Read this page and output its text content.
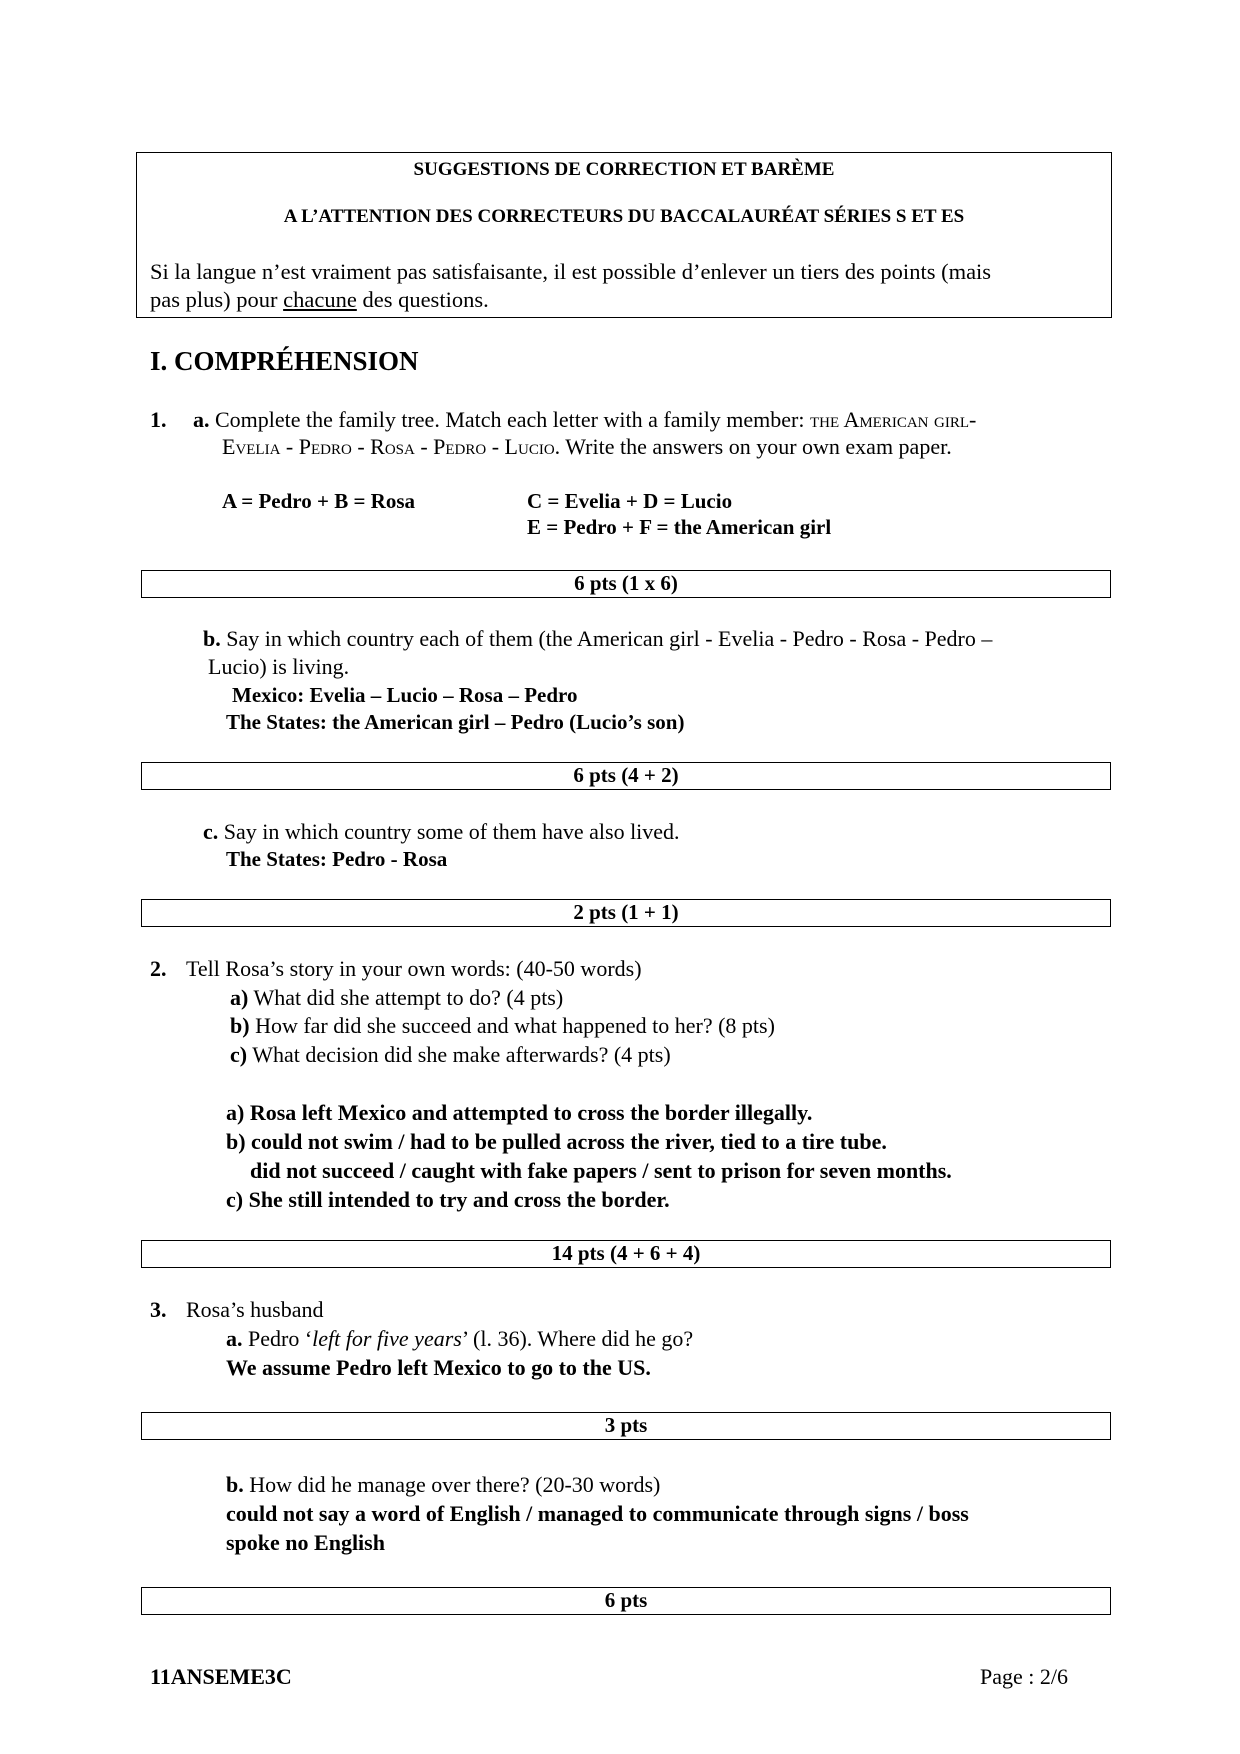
SUGGESTIONS DE CORRECTION ET BARÈME
A L’ATTENTION DES CORRECTEURS DU BACCALAURÉAT SÉRIES S ET ES
Si la langue n’est vraiment pas satisfaisante, il est possible d’enlever un tiers des points (mais
pas plus) pour chacune des questions.
I. COMPRÉHENSION
1. a. Complete the family tree. Match each letter with a family member: the American girl-
Evelia - Pedro - Rosa - Pedro - Lucio. Write the answers on your own exam paper.
A = Pedro + B = Rosa	C = Evelia + D = Lucio
E = Pedro + F = the American girl
6 pts (1 x 6)
b. Say in which country each of them (the American girl - Evelia - Pedro - Rosa - Pedro –
Lucio) is living.
Mexico: Evelia – Lucio – Rosa – Pedro
The States: the American girl – Pedro (Lucio’s son)
6 pts (4 + 2)
c. Say in which country some of them have also lived.
The States: Pedro - Rosa
2 pts (1 + 1)
2. Tell Rosa’s story in your own words: (40-50 words)
a) What did she attempt to do? (4 pts)
b) How far did she succeed and what happened to her? (8 pts)
c) What decision did she make afterwards? (4 pts)
a) Rosa left Mexico and attempted to cross the border illegally.
b) could not swim / had to be pulled across the river, tied to a tire tube.
did not succeed / caught with fake papers / sent to prison for seven months.
c) She still intended to try and cross the border.
14 pts (4 + 6 + 4)
3. Rosa’s husband
a. Pedro ‘left for five years’ (l. 36). Where did he go?
We assume Pedro left Mexico to go to the US.
3 pts
b. How did he manage over there? (20-30 words)
could not say a word of English / managed to communicate through signs / boss
spoke no English
6 pts
11ANSEME3C	Page : 2/6
